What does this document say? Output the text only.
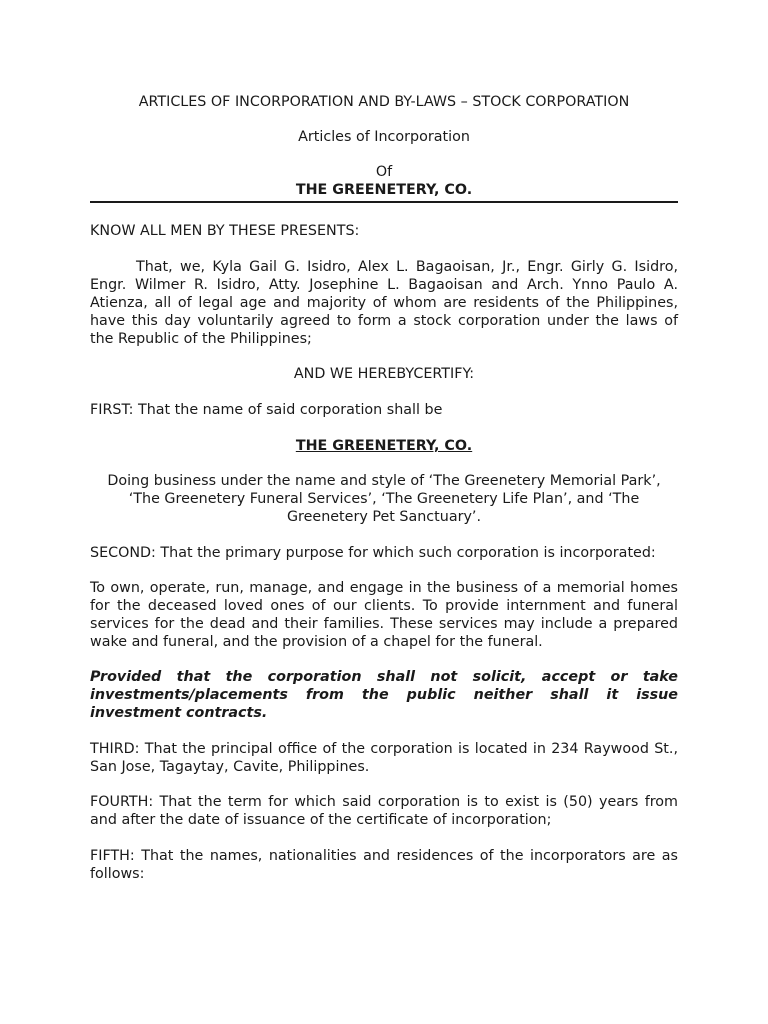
ARTICLES OF INCORPORATION AND BY-LAWS – STOCK CORPORATION

Articles of Incorporation

Of

THE GREENETERY, CO.

KNOW ALL MEN BY THESE PRESENTS:

That, we, Kyla Gail G. Isidro, Alex L. Bagaoisan, Jr., Engr. Girly G. Isidro, Engr. Wilmer R. Isidro, Atty. Josephine L. Bagaoisan and Arch. Ynno Paulo A. Atienza, all of legal age and majority of whom are residents of the Philippines, have this day voluntarily agreed to form a stock corporation under the laws of the Republic of the Philippines;

AND WE HEREBYCERTIFY:

FIRST: That the name of said corporation shall be

THE GREENETERY, CO.

Doing business under the name and style of ‘The Greenetery Memorial Park’, ‘The Greenetery Funeral Services’, ‘The Greenetery Life Plan’, and ‘The Greenetery Pet Sanctuary’.

SECOND: That the primary purpose for which such corporation is incorporated:

To own, operate, run, manage, and engage in the business of a memorial homes for the deceased loved ones of our clients. To provide internment and funeral services for the dead and their families. These services may include a prepared wake and funeral, and the provision of a chapel for the funeral.

Provided that the corporation shall not solicit, accept or take investments/placements from the public neither shall it issue investment contracts.

THIRD: That the principal office of the corporation is located in 234 Raywood St., San Jose, Tagaytay, Cavite, Philippines.

FOURTH: That the term for which said corporation is to exist is (50) years from and after the date of issuance of the certificate of incorporation;

FIFTH: That the names, nationalities and residences of the incorporators are as follows:
